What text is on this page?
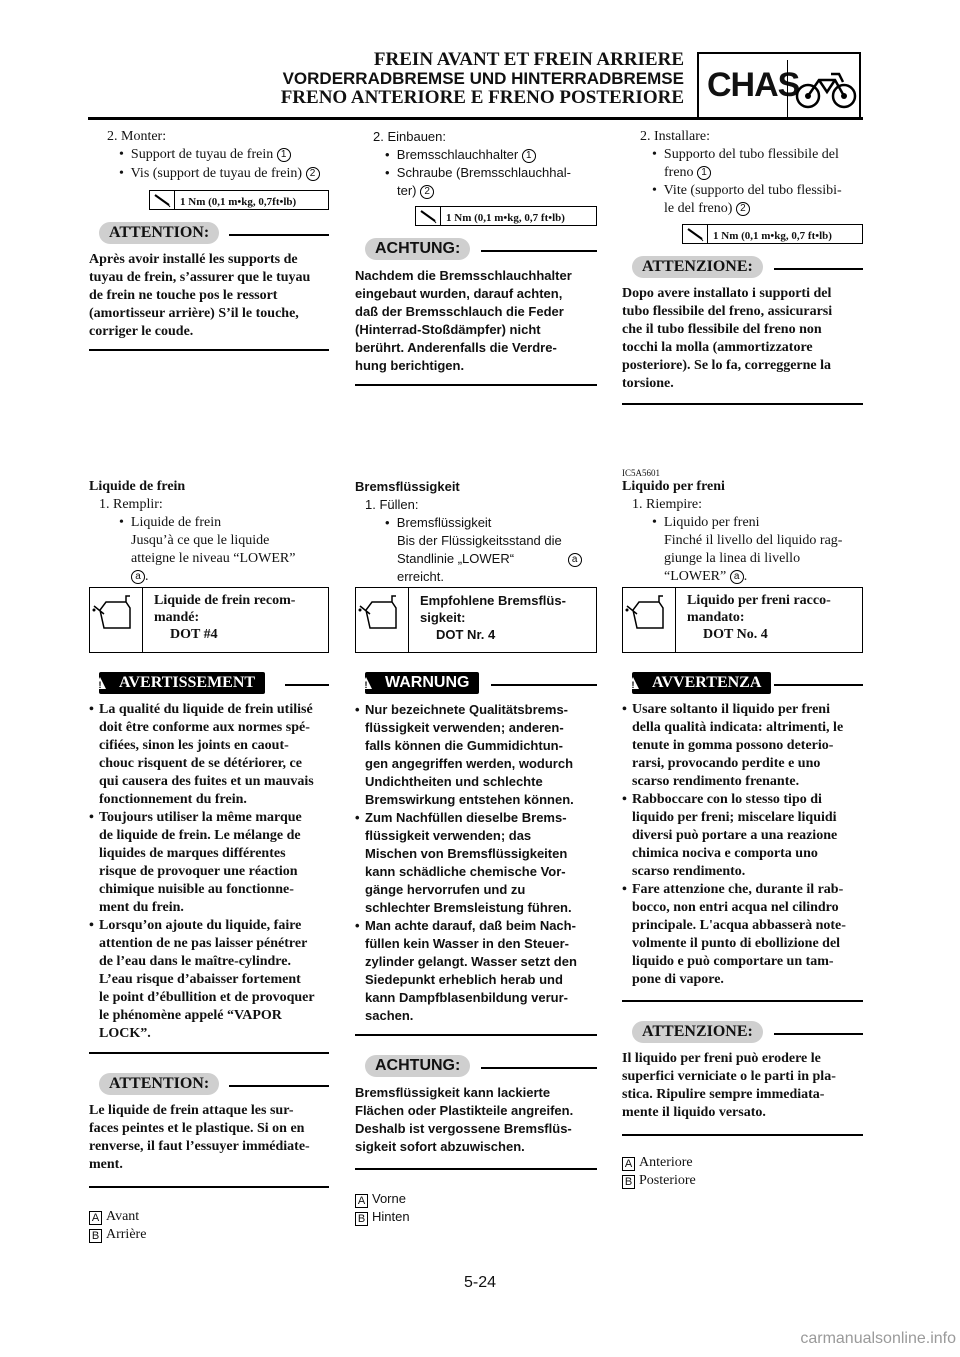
FREIN AVANT ET FREIN ARRIERE
VORDERRADBREMSE UND HINTERRADBREMSE
FRENO ANTERIORE E FRENO POSTERIORE CHAS
2. Monter:
•  Support de tuyau de frein 1
•  Vis (support de tuyau de frein) 2
1 Nm (0,1 m•kg, 0,7ft•lb)
ATTENTION:
Après avoir installé les supports de
tuyau de frein, s’assurer que le tuyau
de frein ne touche pos le ressort
(amortisseur arrière) S’il le touche,
corriger le coude.
Liquide de frein
1. Remplir:
•  Liquide de frein
Jusqu’à ce que le liquide
atteigne le niveau “LOWER”
a .
Liquide de frein recom-
mandé:
DOT #4
AVERTISSEMENT
!
• La qualité du liquide de frein utilisé
doit être conforme aux normes spé-
cifiées, sinon les joints en caout-
chouc risquent de se détériorer, ce
qui causera des fuites et un mauvais
fonctionnement du frein.
• Toujours utiliser la même marque
de liquide de frein. Le mélange de
liquides de marques différentes
risque de provoquer une réaction
chimique nuisible au fonctionne-
ment du frein.
• Lorsqu’on ajoute du liquide, faire
attention de ne pas laisser pénétrer
de l’eau dans le maître-cylindre.
L’eau risque d’abaisser fortement
le point d’ébullition et de provoquer
le phénomène appelé “VAPOR
LOCK”.
ATTENTION:
Le liquide de frein attaque les sur-
faces peintes et le plastique. Si on en
renverse, il faut l’essuyer immédiate-
ment.
A Avant
B Arrière
2. Einbauen:
•  Bremsschlauchhalter 1
•  Schraube (Bremsschlauchhal-
ter) 2
1 Nm (0,1 m•kg, 0,7 ft•lb)
ACHTUNG:
Nachdem die Bremsschlauchhalter
eingebaut wurden, darauf achten,
daß der Bremsschlauch die Feder
(Hinterrad-Stoßdämpfer) nicht
berührt. Anderenfalls die Verdre-
hung berichtigen.
Bremsflüssigkeit
1. Füllen:
•  Bremsflüssigkeit
Bis der Flüssigkeitsstand die
Standlinie „LOWER“	a
erreicht.
Empfohlene Bremsflüs-
sigkeit:
DOT Nr. 4
WARNUNG
!
• Nur bezeichnete Qualitätsbrems-
flüssigkeit verwenden; anderen-
falls können die Gummidichtun-
gen angegriffen werden, wodurch
Undichtheiten und schlechte
Bremswirkung entstehen können.
• Zum Nachfüllen dieselbe Brems-
flüssigkeit verwenden; das
Mischen von Bremsflüssigkeiten
kann schädliche chemische Vor-
gänge hervorrufen und zu
schlechter Bremsleistung führen.
• Man achte darauf, daß beim Nach-
füllen kein Wasser in den Steuer-
zylinder gelangt. Wasser setzt den
Siedepunkt erheblich herab und
kann Dampfblasenbildung verur-
sachen.
ACHTUNG:
Bremsflüssigkeit kann lackierte
Flächen oder Plastikteile angreifen.
Deshalb ist vergossene Bremsflüs-
sigkeit sofort abzuwischen.
A Vorne
B Hinten
2. Installare:
•  Supporto del tubo flessibile del
freno 1
•  Vite (supporto del tubo flessibi-
le del freno) 2
1 Nm (0,1 m•kg, 0,7 ft•lb)
ATTENZIONE:
Dopo avere installato i supporti del
tubo flessibile del freno, assicurarsi
che il tubo flessibile del freno non
tocchi la molla (ammortizzatore
posteriore). Se lo fa, correggerne la
torsione.
IC5A5601
Liquido per freni
1. Riempire:
•  Liquido per freni
Finché il livello del liquido rag-
giunge la linea di livello
“LOWER” a .
Liquido per freni racco-
mandato:
DOT No. 4
AVVERTENZA
!
• Usare soltanto il liquido per freni
della qualità indicata: altrimenti, le
tenute in gomma possono deterio-
rarsi, provocando perdite e uno
scarso rendimento frenante.
• Rabboccare con lo stesso tipo di
liquido per freni; miscelare liquidi
diversi può portare a una reazione
chimica nociva e comporta uno
scarso rendimento.
• Fare attenzione che, durante il rab-
bocco, non entri acqua nel cilindro
principale. L'acqua abbasserà note-
volmente il punto di ebollizione del
liquido e può comportare un tam-
pone di vapore.
ATTENZIONE:
Il liquido per freni può erodere le
superfici verniciate o le parti in pla-
stica. Ripulire sempre immediata-
mente il liquido versato.
A Anteriore
B Posteriore
5-24
carmanualsonline.info
